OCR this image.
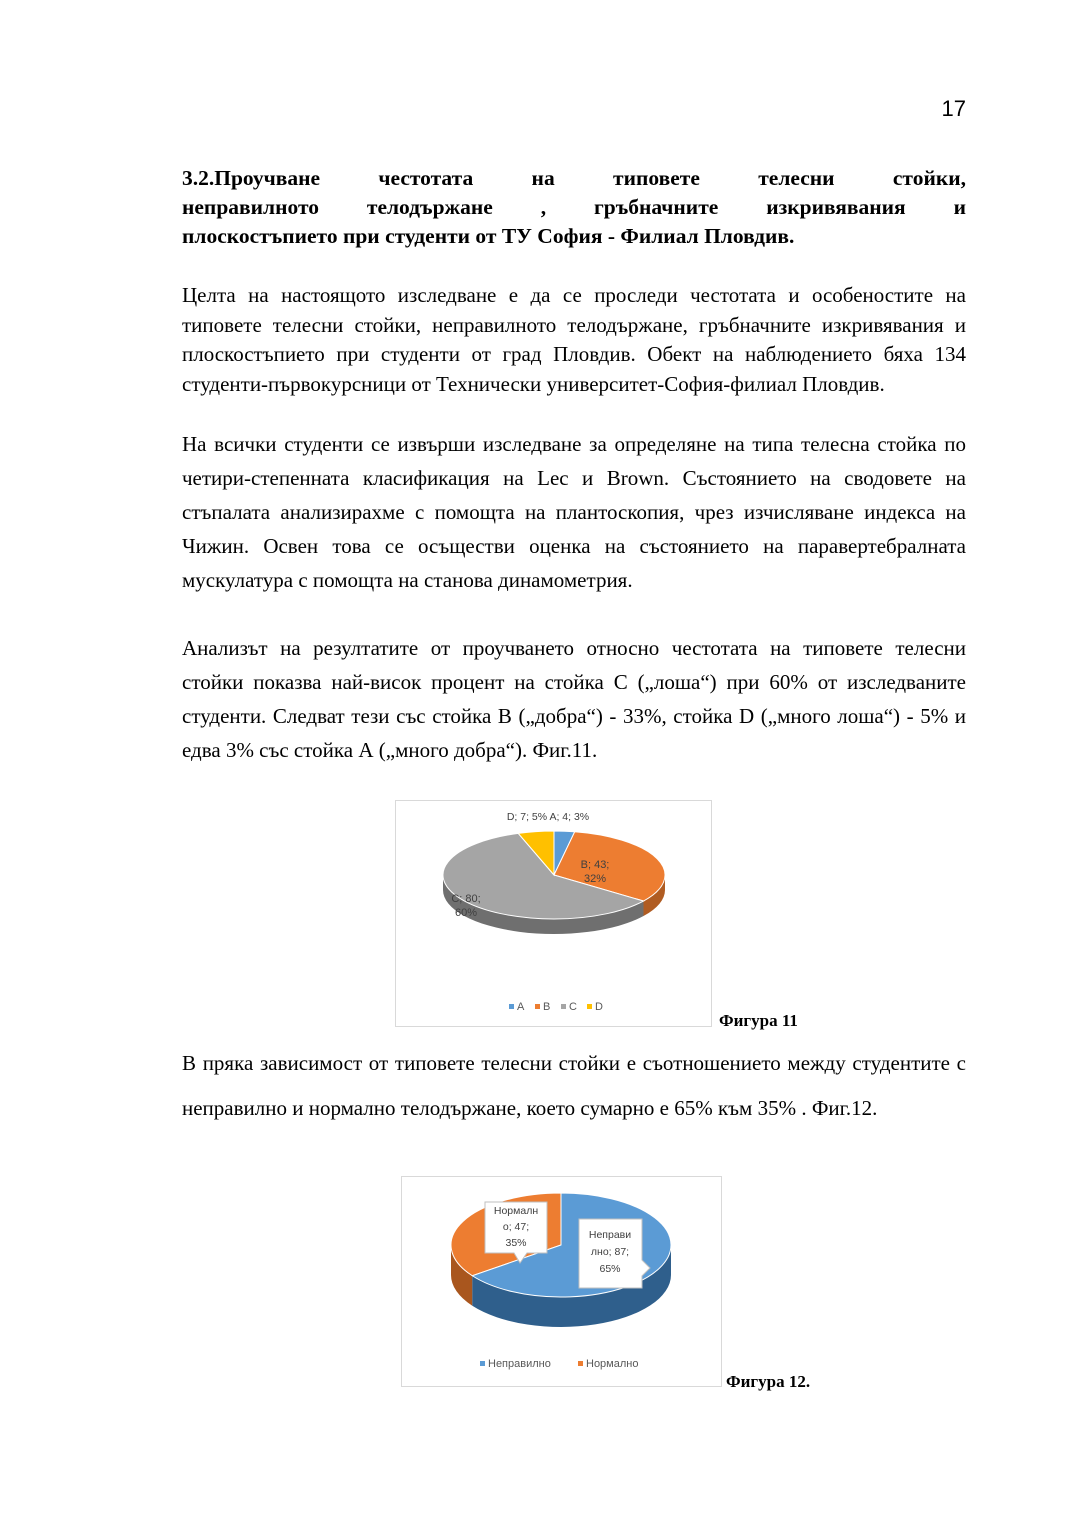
17
3.2.Проучване честотата на типовете телесни стойки,
неправилното телодържане , гръбначните изкривявания и
плоскостъпието при студенти от ТУ София - Филиал Пловдив.

Целта на настоящото изследване е да се проследи честотата и особеностите на типовете телесни стойки, неправилното телодържане, гръбначните изкривявания и плоскостъпието при студенти от град Пловдив. Обект на наблюдението бяха 134 студенти-първокурсници от Технически университет-София-филиал Пловдив.

На всички студенти се извърши изследване за определяне на типа телесна стойка по четири-степенната класификация на Lec и Brown. Състоянието на сводовете на стъпалата анализирахме с помощта на плантоскопия, чрез изчисляване индекса на Чижин. Освен това се осъществи оценка на състоянието на паравертебралната мускулатура с помощта на станова динамометрия.

Анализът на резултатите от проучването относно честотата на типовете телесни стойки показва най-висок процент на стойка С („лоша“) при 60% от изследваните студенти. Следват тези със стойка В („добра“) - 33%, стойка D („много лоша“) - 5% и едва 3% със стойка А („много добра“). Фиг.11.

D; 7; 5% A; 4; 3%
B; 43; 32%
C; 80; 60%
A B C D
Фигура 11

В пряка зависимост от типовете телесни стойки е съотношението между студентите с неправилно и нормално телодържане, което сумарно е 65% към 35% . Фиг.12.

Нормалн о; 47; 35%
Неправи лно; 87; 65%
Неправилно	Нормално
Фигура 12.
